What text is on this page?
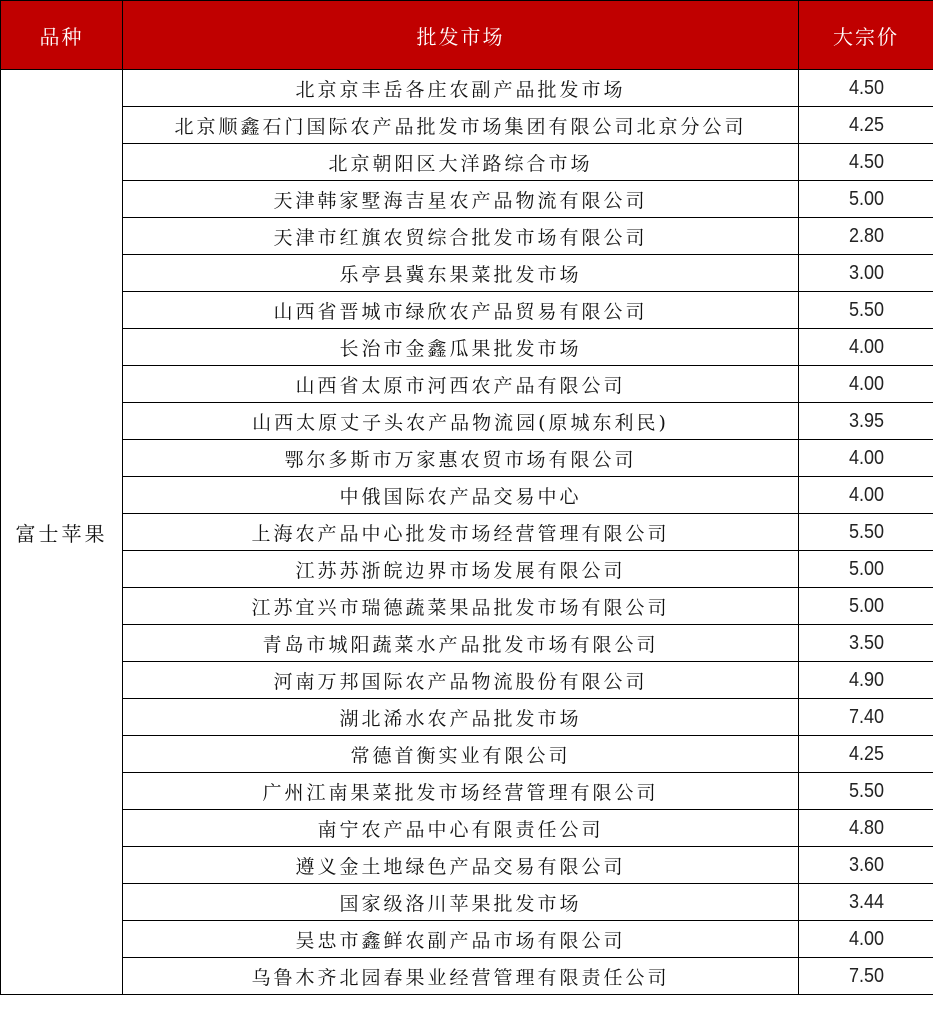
品种	批发市场	大宗价
富士苹果	北京京丰岳各庄农副产品批发市场	4.50
	北京顺鑫石门国际农产品批发市场集团有限公司北京分公司	4.25
	北京朝阳区大洋路综合市场	4.50
	天津韩家墅海吉星农产品物流有限公司	5.00
	天津市红旗农贸综合批发市场有限公司	2.80
	乐亭县冀东果菜批发市场	3.00
	山西省晋城市绿欣农产品贸易有限公司	5.50
	长治市金鑫瓜果批发市场	4.00
	山西省太原市河西农产品有限公司	4.00
	山西太原丈子头农产品物流园(原城东利民)	3.95
	鄂尔多斯市万家惠农贸市场有限公司	4.00
	中俄国际农产品交易中心	4.00
	上海农产品中心批发市场经营管理有限公司	5.50
	江苏苏浙皖边界市场发展有限公司	5.00
	江苏宜兴市瑞德蔬菜果品批发市场有限公司	5.00
	青岛市城阳蔬菜水产品批发市场有限公司	3.50
	河南万邦国际农产品物流股份有限公司	4.90
	湖北浠水农产品批发市场	7.40
	常德首衡实业有限公司	4.25
	广州江南果菜批发市场经营管理有限公司	5.50
	南宁农产品中心有限责任公司	4.80
	遵义金土地绿色产品交易有限公司	3.60
	国家级洛川苹果批发市场	3.44
	吴忠市鑫鲜农副产品市场有限公司	4.00
	乌鲁木齐北园春果业经营管理有限责任公司	7.50
